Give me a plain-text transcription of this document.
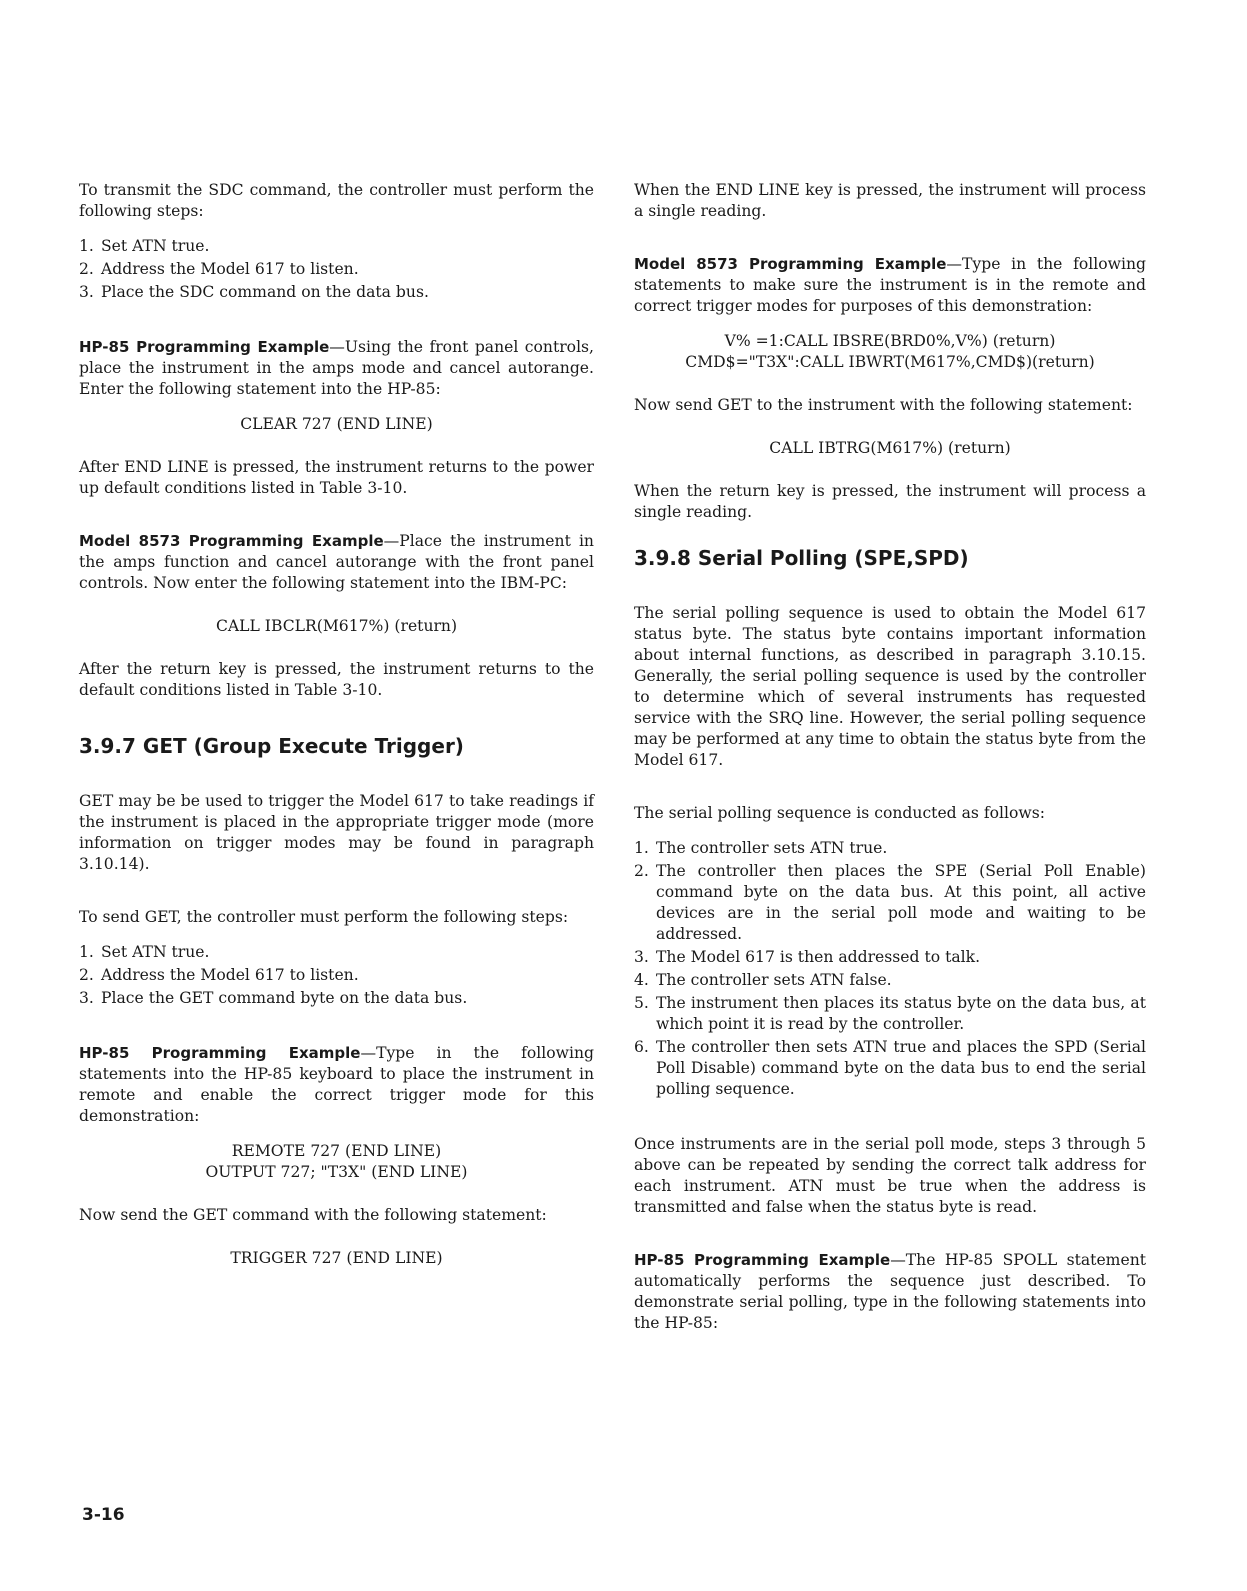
To transmit the SDC command, the controller must perform the following steps:

1. Set ATN true.
2. Address the Model 617 to listen.
3. Place the SDC command on the data bus.

HP-85 Programming Example—Using the front panel controls, place the instrument in the amps mode and cancel autorange. Enter the following statement into the HP-85:

CLEAR 727 (END LINE)

After END LINE is pressed, the instrument returns to the power up default conditions listed in Table 3-10.

Model 8573 Programming Example—Place the instrument in the amps function and cancel autorange with the front panel controls. Now enter the following statement into the IBM-PC:

CALL IBCLR(M617%) (return)

After the return key is pressed, the instrument returns to the default conditions listed in Table 3-10.

3.9.7 GET (Group Execute Trigger)

GET may be be used to trigger the Model 617 to take readings if the instrument is placed in the appropriate trigger mode (more information on trigger modes may be found in paragraph 3.10.14).

To send GET, the controller must perform the following steps:

1. Set ATN true.
2. Address the Model 617 to listen.
3. Place the GET command byte on the data bus.

HP-85 Programming Example—Type in the following statements into the HP-85 keyboard to place the instrument in remote and enable the correct trigger mode for this demonstration:

REMOTE 727 (END LINE)
OUTPUT 727; "T3X" (END LINE)

Now send the GET command with the following statement:

TRIGGER 727 (END LINE)

When the END LINE key is pressed, the instrument will process a single reading.

Model 8573 Programming Example—Type in the following statements to make sure the instrument is in the remote and correct trigger modes for purposes of this demonstration:

V% =1:CALL IBSRE(BRD0%,V%) (return)
CMD$="T3X":CALL IBWRT(M617%,CMD$)(return)

Now send GET to the instrument with the following statement:

CALL IBTRG(M617%) (return)

When the return key is pressed, the instrument will process a single reading.

3.9.8 Serial Polling (SPE,SPD)

The serial polling sequence is used to obtain the Model 617 status byte. The status byte contains important information about internal functions, as described in paragraph 3.10.15. Generally, the serial polling sequence is used by the controller to determine which of several instruments has requested service with the SRQ line. However, the serial polling sequence may be performed at any time to obtain the status byte from the Model 617.

The serial polling sequence is conducted as follows:

1. The controller sets ATN true.
2. The controller then places the SPE (Serial Poll Enable) command byte on the data bus. At this point, all active devices are in the serial poll mode and waiting to be addressed.
3. The Model 617 is then addressed to talk.
4. The controller sets ATN false.
5. The instrument then places its status byte on the data bus, at which point it is read by the controller.
6. The controller then sets ATN true and places the SPD (Serial Poll Disable) command byte on the data bus to end the serial polling sequence.

Once instruments are in the serial poll mode, steps 3 through 5 above can be repeated by sending the correct talk address for each instrument. ATN must be true when the address is transmitted and false when the status byte is read.

HP-85 Programming Example—The HP-85 SPOLL statement automatically performs the sequence just described. To demonstrate serial polling, type in the following statements into the HP-85:

3-16
